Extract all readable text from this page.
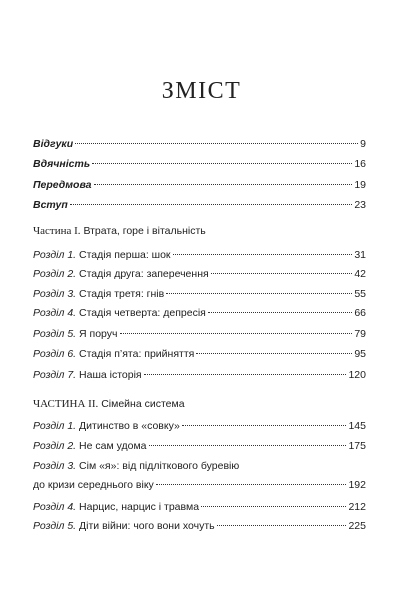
ЗМІСТ
Відгуки	9
Вдячність	16
Передмова	19
Вступ	23
Частина I. Втрата, горе і вітальність
Розділ 1. Стадія перша: шок	31
Розділ 2. Стадія друга: заперечення	42
Розділ 3. Стадія третя: гнів	55
Розділ 4. Стадія четверта: депресія	66
Розділ 5. Я поруч	79
Розділ 6. Стадія п’ята: прийняття	95
Розділ 7. Наша історія	120
ЧАСТИНА II. Сімейна система
Розділ 1. Дитинство в «совку»	145
Розділ 2. Не сам удома	175
Розділ 3. Сім «я»: від підліткового буревію
до кризи середнього віку	192
Розділ 4. Нарцис, нарцис і травма	212
Розділ 5. Діти війни: чого вони хочуть	225
